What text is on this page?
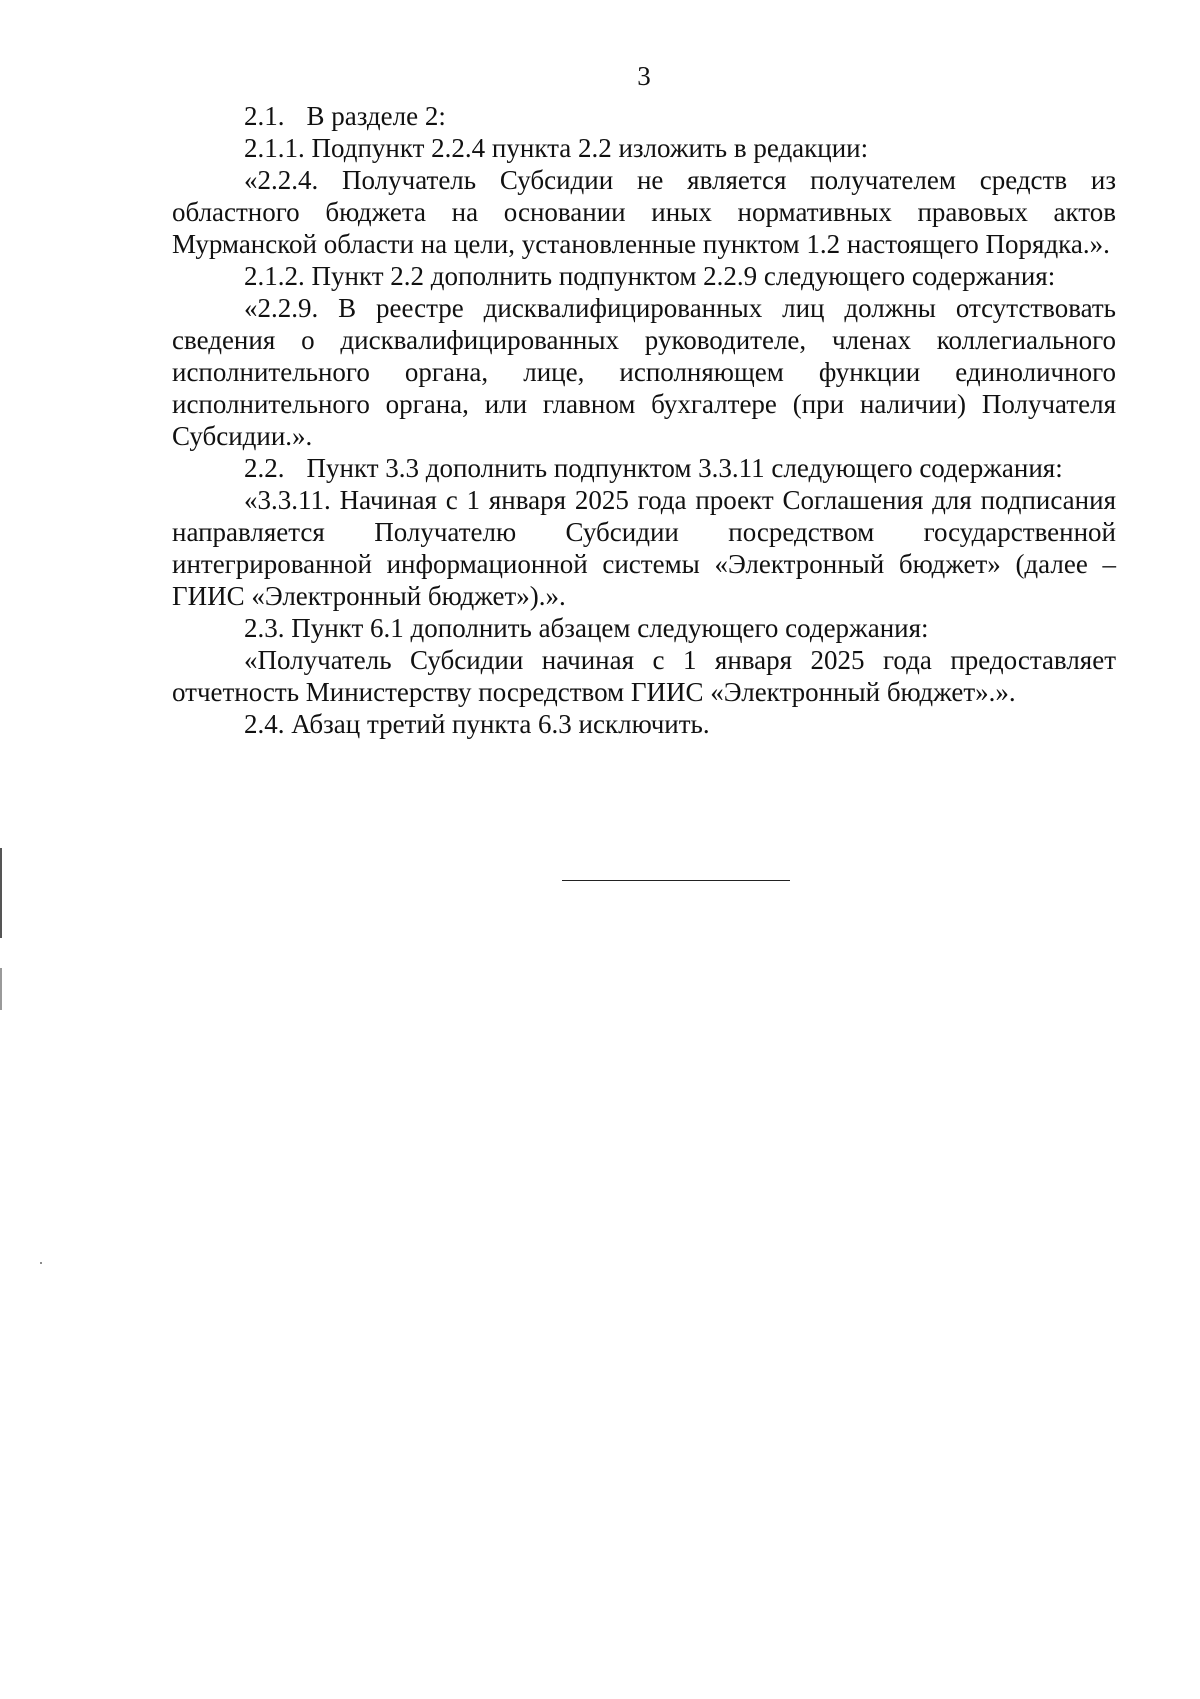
3

2.1. В разделе 2:

2.1.1. Подпункт 2.2.4 пункта 2.2 изложить в редакции:

«2.2.4. Получатель Субсидии не является получателем средств из областного бюджета на основании иных нормативных правовых актов Мурманской области на цели, установленные пунктом 1.2 настоящего Порядка.».

2.1.2. Пункт 2.2 дополнить подпунктом 2.2.9 следующего содержания:

«2.2.9. В реестре дисквалифицированных лиц должны отсутствовать сведения о дисквалифицированных руководителе, членах коллегиального исполнительного органа, лице, исполняющем функции единоличного исполнительного органа, или главном бухгалтере (при наличии) Получателя Субсидии.».

2.2. Пункт 3.3 дополнить подпунктом 3.3.11 следующего содержания:

«3.3.11. Начиная с 1 января 2025 года проект Соглашения для подписания направляется Получателю Субсидии посредством государственной интегрированной информационной системы «Электронный бюджет» (далее – ГИИС «Электронный бюджет»).».

2.3. Пункт 6.1 дополнить абзацем следующего содержания:

«Получатель Субсидии начиная с 1 января 2025 года предоставляет отчетность Министерству посредством ГИИС «Электронный бюджет».».

2.4. Абзац третий пункта 6.3 исключить.
